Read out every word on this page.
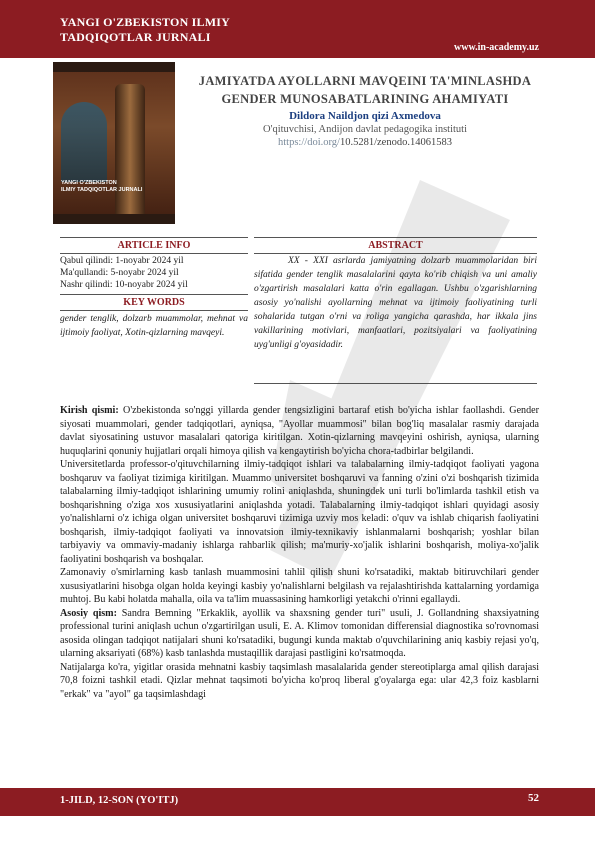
YANGI O'ZBEKISTON ILMIY
TADQIQOTLAR JURNALI
www.in-academy.uz
YANGI O'ZBEKISTON
ILMIY TADQIQOTLAR JURNALI
JAMIYATDA AYOLLARNI MAVQEINI TA'MINLASHDA
GENDER MUNOSABATLARINING AHAMIYATI
Dildora Naildjon qizi Axmedova
O'qituvchisi, Andijon davlat pedagogika instituti
https://doi.org/10.5281/zenodo.14061583
ARTICLE INFO
Qabul qilindi: 1-noyabr 2024 yil
Ma'qullandi: 5-noyabr 2024 yil
Nashr qilindi: 10-noyabr 2024 yil
KEY WORDS
gender tenglik, dolzarb muammolar, mehnat va ijtimoiy faoliyat, Xotin-qizlarning mavqeyi.
ABSTRACT
XX - XXI asrlarda jamiyatning dolzarb muammolaridan biri sifatida gender tenglik masalalarini qayta ko'rib chiqish va uni amaliy o'zgartirish masalalari katta o'rin egallagan. Ushbu o'zgarishlarning asosiy yo'nalishi ayollarning mehnat va ijtimoiy faoliyatining turli sohalarida tutgan o'rni va roliga yangicha qarashda, har ikkala jins vakillarining motivlari, manfaatlari, pozitsiyalari va faoliyatining uyg'unligi g'oyasidadir.

Kirish qismi: O'zbekistonda so'nggi yillarda gender tengsizligini bartaraf etish bo'yicha ishlar faollashdi. Gender siyosati muammolari, gender tadqiqotlari, ayniqsa, "Ayollar muammosi" bilan bog'liq masalalar rasmiy darajada davlat siyosatining ustuvor masalalari qatoriga kiritilgan. Xotin-qizlarning mavqeyini oshirish, ayniqsa, ularning huquqlarini qonuniy hujjatlari orqali himoya qilish va kengaytirish bo'yicha chora-tadbirlar belgilandi.

Universitetlarda professor-o'qituvchilarning ilmiy-tadqiqot ishlari va talabalarning ilmiy-tadqiqot faoliyati yagona boshqaruv va faoliyat tizimiga kiritilgan. Muammo universitet boshqaruvi va fanning o'zini o'zi boshqarish tizimida talabalarning ilmiy-tadqiqot ishlarining umumiy rolini aniqlashda, shuningdek uni turli bo'limlarda tashkil etish va boshqarishning o'ziga xos xususiyatlarini aniqlashda yotadi. Talabalarning ilmiy-tadqiqot ishlari quyidagi asosiy yo'nalishlarni o'z ichiga olgan universitet boshqaruvi tizimiga uzviy mos keladi: o'quv va ishlab chiqarish faoliyatini boshqarish, ilmiy-tadqiqot faoliyati va innovatsion ilmiy-texnikaviy ishlanmalarni boshqarish; yoshlar bilan tarbiyaviy va ommaviy-madaniy ishlarga rahbarlik qilish; ma'muriy-xo'jalik ishlarini boshqarish, moliya-xo'jalik faoliyatini boshqarish va boshqalar.

Zamonaviy o'smirlarning kasb tanlash muammosini tahlil qilish shuni ko'rsatadiki, maktab bitiruvchilari gender xususiyatlarini hisobga olgan holda keyingi kasbiy yo'nalishlarni belgilash va rejalashtirishda kattalarning yordamiga muhtoj. Bu kabi holatda mahalla, oila va ta'lim muassasining hamkorligi yetakchi o'rinni egallaydi.

Asosiy qism: Sandra Bemning "Erkaklik, ayollik va shaxsning gender turi" usuli, J. Gollandning shaxsiyatning professional turini aniqlash uchun o'zgartirilgan usuli, E. A. Klimov tomonidan differensial diagnostika so'rovnomasi asosida olingan tadqiqot natijalari shuni ko'rsatadiki, bugungi kunda maktab o'quvchilarining aniq kasbiy rejasi yo'q, ularning aksariyati (68%) kasb tanlashda mustaqillik darajasi pastligini ko'rsatmoqda.

Natijalarga ko'ra, yigitlar orasida mehnatni kasbiy taqsimlash masalalarida gender stereotiplarga amal qilish darajasi 70,8 foizni tashkil etadi. Qizlar mehnat taqsimoti bo'yicha ko'proq liberal g'oyalarga ega: ular 42,3 foiz kasblarni "erkak" va "ayol" ga taqsimlashdagi

1-JILD, 12-SON (YO'ITJ)	52
